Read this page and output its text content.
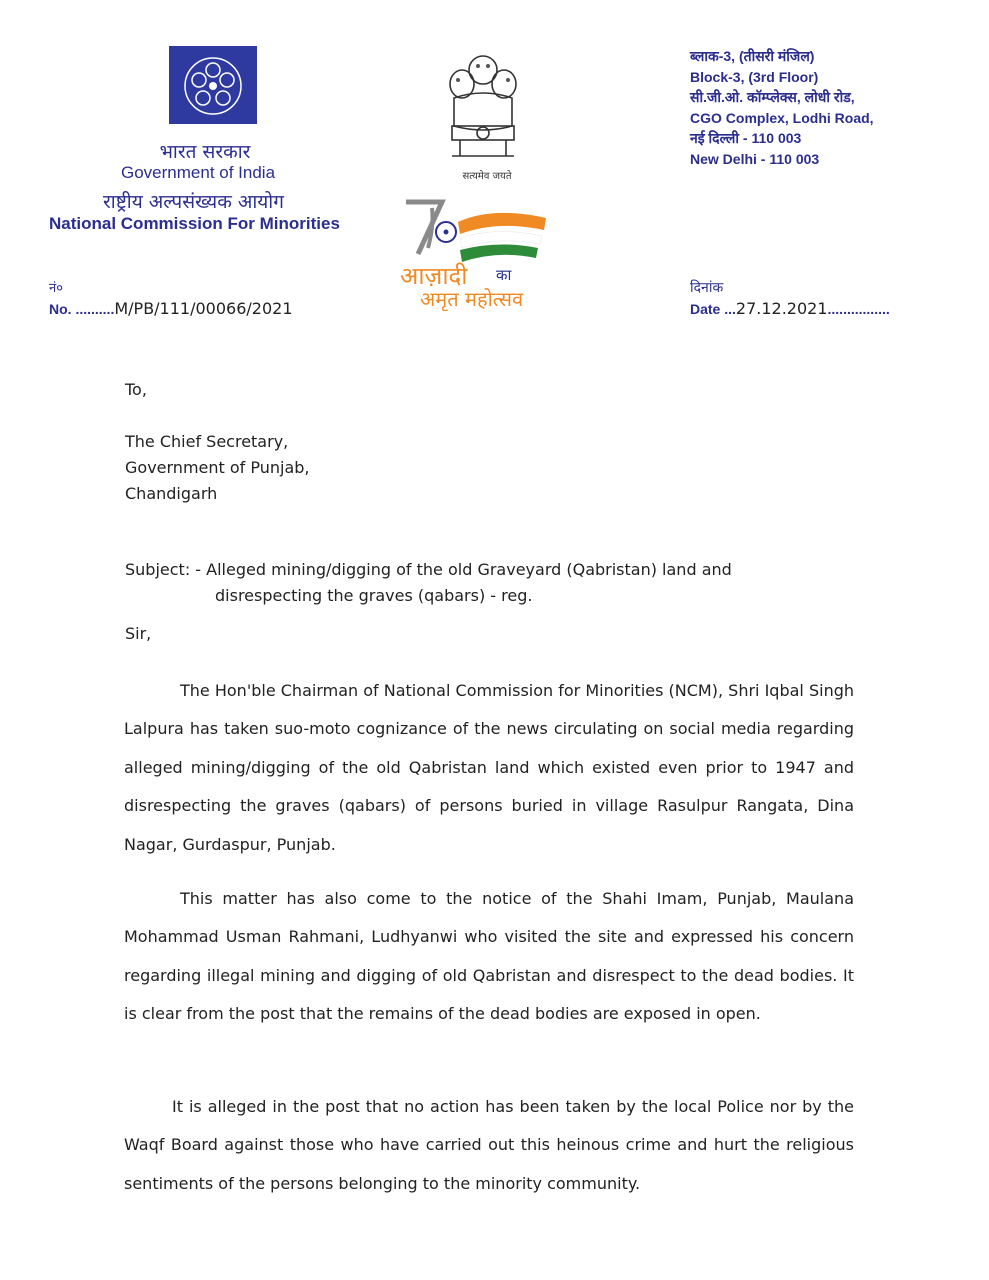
भारत सरकार
Government of India
राष्ट्रीय अल्पसंख्यक आयोग
National Commission For Minorities
सत्यमेव जयते
आज़ादी का
अमृत महोत्सव
ब्लाक-3, (तीसरी मंजिल)
Block-3, (3rd Floor)
सी.जी.ओ. कॉम्प्लेक्स, लोधी रोड,
CGO Complex, Lodhi Road,
नई दिल्ली - 110 003
New Delhi - 110 003
नं०
No. ..........M/PB/111/00066/2021
दिनांक
Date ...27.12.2021................
To,
The Chief Secretary,
Government of Punjab,
Chandigarh
Subject: - Alleged mining/digging of the old Graveyard (Qabristan) land and
disrespecting the graves (qabars) - reg.
Sir,
The Hon'ble Chairman of National Commission for Minorities (NCM), Shri Iqbal Singh Lalpura has taken suo-moto cognizance of the news circulating on social media regarding alleged mining/digging of the old Qabristan land which existed even prior to 1947 and disrespecting the graves (qabars) of persons buried in village Rasulpur Rangata, Dina Nagar, Gurdaspur, Punjab.
This matter has also come to the notice of the Shahi Imam, Punjab, Maulana Mohammad Usman Rahmani, Ludhyanwi who visited the site and expressed his concern regarding illegal mining and digging of old Qabristan and disrespect to the dead bodies. It is clear from the post that the remains of the dead bodies are exposed in open.
It is alleged in the post that no action has been taken by the local Police nor by the Waqf Board against those who have carried out this heinous crime and hurt the religious sentiments of the persons belonging to the minority community.
